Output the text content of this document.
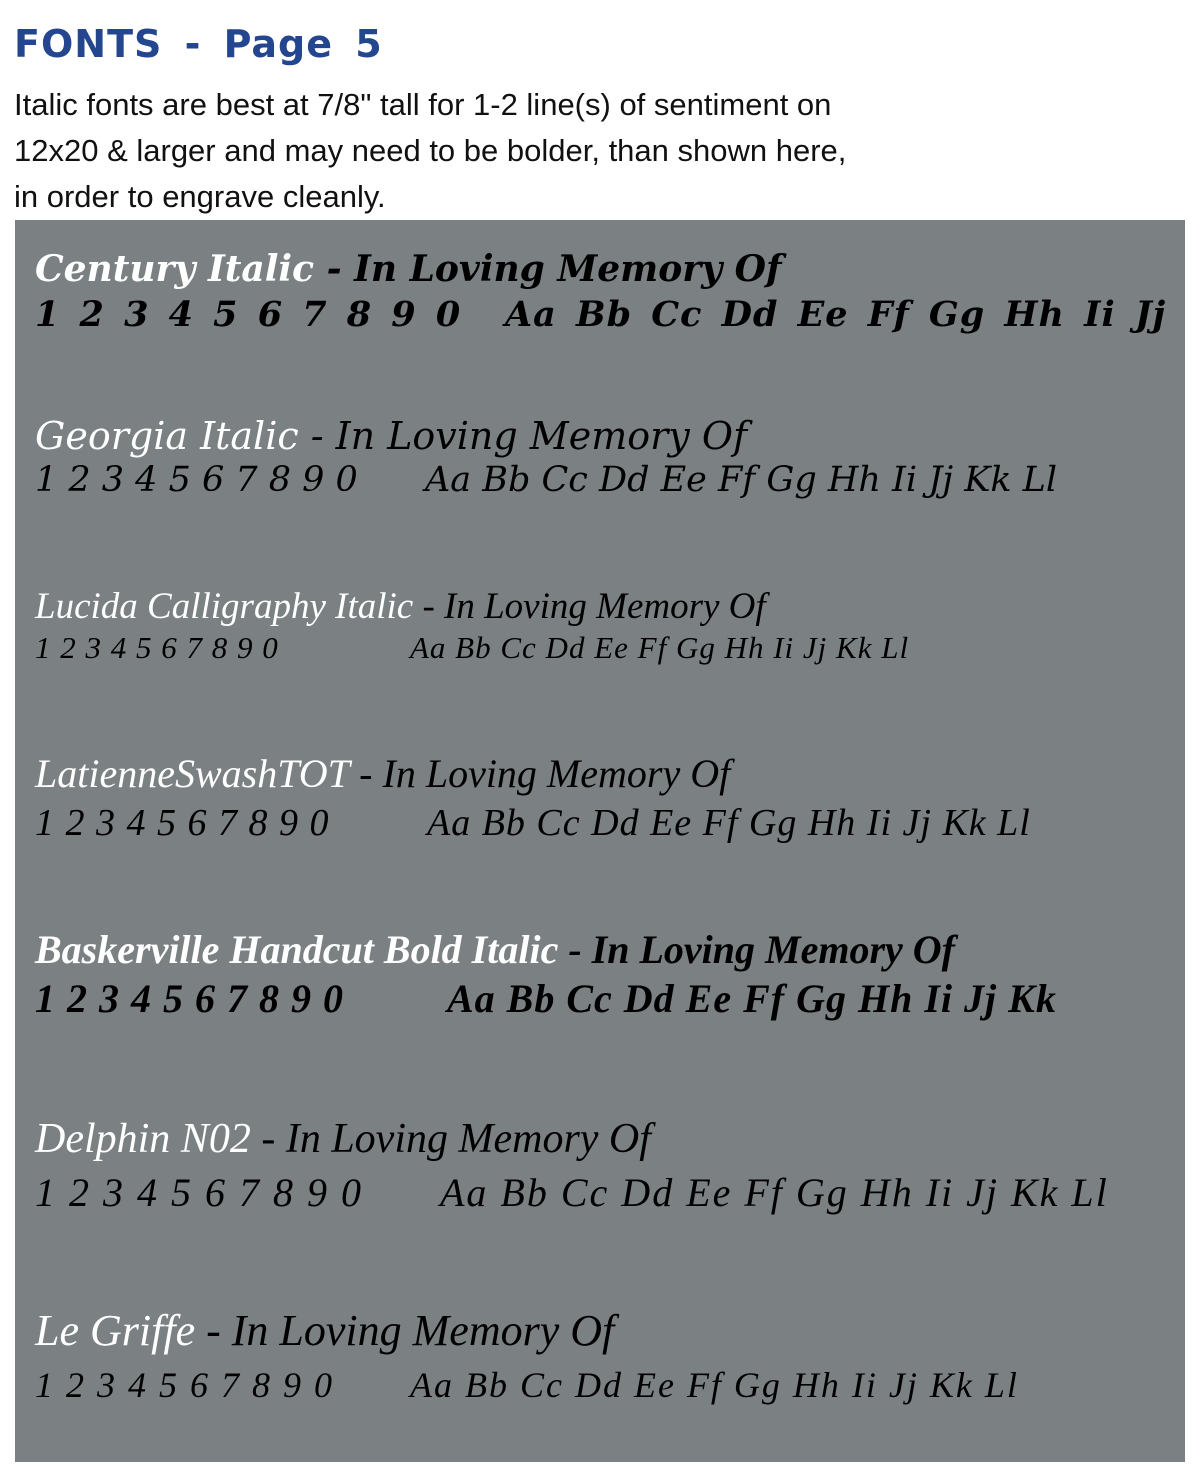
FONTS - Page 5
Italic fonts are best at 7/8" tall for 1-2 line(s) of sentiment on
12x20 & larger and may need to be bolder, than shown here,
in order to engrave cleanly.
Century Italic - In Loving Memory Of
1 2 3 4 5 6 7 8 9 0 Aa Bb Cc Dd Ee Ff Gg Hh Ii Jj
Georgia Italic - In Loving Memory Of
1 2 3 4 5 6 7 8 9 0 Aa Bb Cc Dd Ee Ff Gg Hh Ii Jj Kk Ll
Lucida Calligraphy Italic - In Loving Memory Of
1 2 3 4 5 6 7 8 9 0	Aa Bb Cc Dd Ee Ff Gg Hh Ii Jj Kk Ll
LatienneSwashTOT - In Loving Memory Of
1 2 3 4 5 6 7 8 9 0	Aa Bb Cc Dd Ee Ff Gg Hh Ii Jj Kk Ll
Baskerville Handcut Bold Italic - In Loving Memory Of
1 2 3 4 5 6 7 8 9 0	Aa Bb Cc Dd Ee Ff Gg Hh Ii Jj Kk
Delphin N02 - In Loving Memory Of
1 2 3 4 5 6 7 8 9 0 Aa Bb Cc Dd Ee Ff Gg Hh Ii Jj Kk Ll
Le Griffe - In Loving Memory Of
1 2 3 4 5 6 7 8 9 0 Aa Bb Cc Dd Ee Ff Gg Hh Ii Jj Kk Ll
